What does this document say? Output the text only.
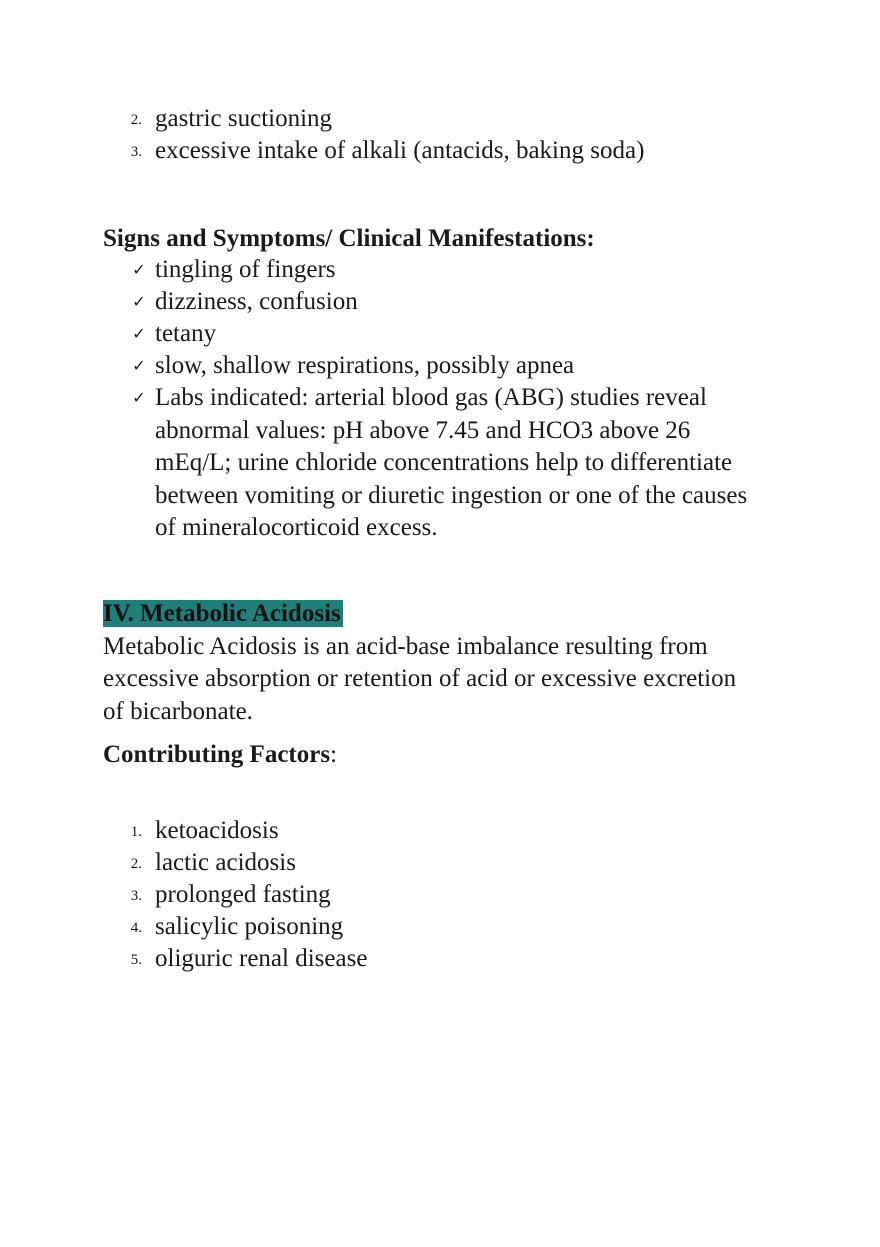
2. gastric suctioning
3. excessive intake of alkali (antacids, baking soda)
Signs and Symptoms/ Clinical Manifestations:
✓ tingling of fingers
✓ dizziness, confusion
✓ tetany
✓ slow, shallow respirations, possibly apnea
✓ Labs indicated: arterial blood gas (ABG) studies reveal
abnormal values: pH above 7.45 and HCO3 above 26
mEq/L; urine chloride concentrations help to differentiate
between vomiting or diuretic ingestion or one of the causes
of mineralocorticoid excess.
IV. Metabolic Acidosis
Metabolic Acidosis is an acid-base imbalance resulting from
excessive absorption or retention of acid or excessive excretion
of bicarbonate.
Contributing Factors:
1. ketoacidosis
2. lactic acidosis
3. prolonged fasting
4. salicylic poisoning
5. oliguric renal disease
